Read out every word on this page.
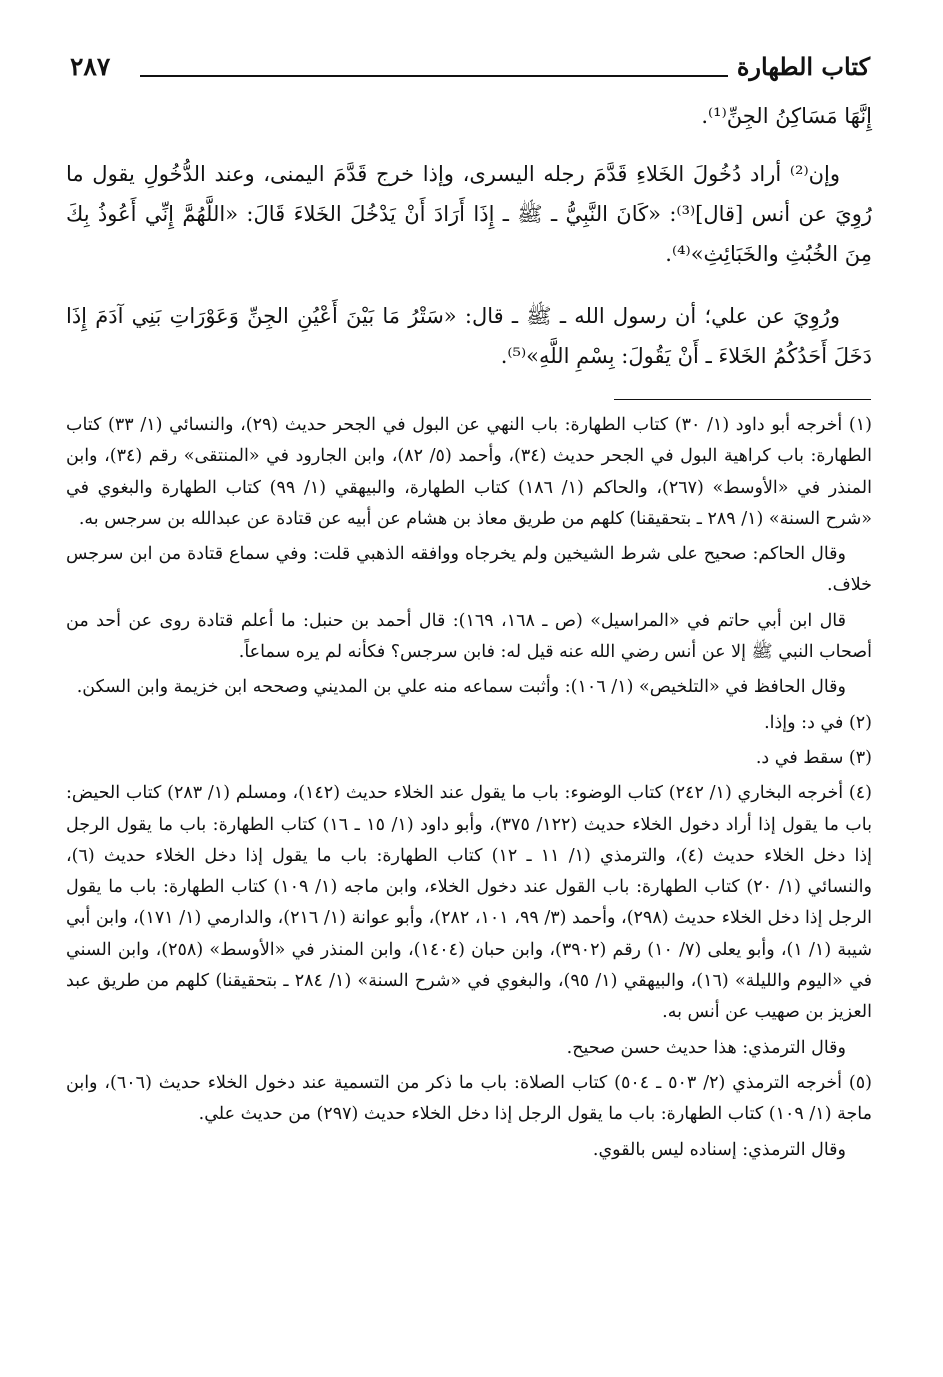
كتاب الطهارة
٢٨٧

إِنَّهَا مَسَاكِنُ الجِنِّ⁽¹⁾.

وإن⁽²⁾ أراد دُخُولَ الخَلاءِ قَدَّمَ رجله اليسرى، وإذا خرج قَدَّمَ اليمنى، وعند الدُّخُولِ يقول ما رُوِيَ عن أنس [قال]⁽³⁾: «كَانَ النَّبِيُّ ـ ﷺ ـ إِذَا أَرَادَ أَنْ يَدْخُلَ الخَلاءَ قَالَ: «اللَّهُمَّ إِنِّي أَعُوذُ بِكَ مِنَ الخُبُثِ والخَبَائِثِ»⁽⁴⁾.

ورُوِيَ عن علي؛ أن رسول الله ـ ﷺ ـ قال: «سَتْرُ مَا بَيْنَ أَعْيُنِ الجِنِّ وَعَوْرَاتِ بَنِي آدَمَ إِذَا دَخَلَ أَحَدُكُمُ الخَلاءَ ـ أَنْ يَقُولَ: بِسْمِ اللَّهِ»⁽⁵⁾.

(١) أخرجه أبو داود (١/ ٣٠) كتاب الطهارة: باب النهي عن البول في الجحر حديث (٢٩)، والنسائي (١/ ٣٣) كتاب الطهارة: باب كراهية البول في الجحر حديث (٣٤)، وأحمد (٥/ ٨٢)، وابن الجارود في «المنتقى» رقم (٣٤)، وابن المنذر في «الأوسط» (٢٦٧)، والحاكم (١/ ١٨٦) كتاب الطهارة، والبيهقي (١/ ٩٩) كتاب الطهارة والبغوي في «شرح السنة» (١/ ٢٨٩ ـ بتحقيقنا) كلهم من طريق معاذ بن هشام عن أبيه عن قتادة عن عبدالله بن سرجس به.

وقال الحاكم: صحيح على شرط الشيخين ولم يخرجاه ووافقه الذهبي قلت: وفي سماع قتادة من ابن سرجس خلاف.

قال ابن أبي حاتم في «المراسيل» (ص ـ ١٦٨، ١٦٩): قال أحمد بن حنبل: ما أعلم قتادة روى عن أحد من أصحاب النبي ﷺ إلا عن أنس رضي الله عنه قيل له: فابن سرجس؟ فكأنه لم يره سماعاً.

وقال الحافظ في «التلخيص» (١/ ١٠٦): وأثبت سماعه منه علي بن المديني وصححه ابن خزيمة وابن السكن.

(٢) في د: وإذا.

(٣) سقط في د.

(٤) أخرجه البخاري (١/ ٢٤٢) كتاب الوضوء: باب ما يقول عند الخلاء حديث (١٤٢)، ومسلم (١/ ٢٨٣) كتاب الحيض: باب ما يقول إذا أراد دخول الخلاء حديث (١٢٢/ ٣٧٥)، وأبو داود (١/ ١٥ ـ ١٦) كتاب الطهارة: باب ما يقول الرجل إذا دخل الخلاء حديث (٤)، والترمذي (١/ ١١ ـ ١٢) كتاب الطهارة: باب ما يقول إذا دخل الخلاء حديث (٦)، والنسائي (١/ ٢٠) كتاب الطهارة: باب القول عند دخول الخلاء، وابن ماجه (١/ ١٠٩) كتاب الطهارة: باب ما يقول الرجل إذا دخل الخلاء حديث (٢٩٨)، وأحمد (٣/ ٩٩، ١٠١، ٢٨٢)، وأبو عوانة (١/ ٢١٦)، والدارمي (١/ ١٧١)، وابن أبي شيبة (١/ ١)، وأبو يعلى (٧/ ١٠) رقم (٣٩٠٢)، وابن حبان (١٤٠٤)، وابن المنذر في «الأوسط» (٢٥٨)، وابن السني في «اليوم والليلة» (١٦)، والبيهقي (١/ ٩٥)، والبغوي في «شرح السنة» (١/ ٢٨٤ ـ بتحقيقنا) كلهم من طريق عبد العزيز بن صهيب عن أنس به.

وقال الترمذي: هذا حديث حسن صحيح.

(٥) أخرجه الترمذي (٢/ ٥٠٣ ـ ٥٠٤) كتاب الصلاة: باب ما ذكر من التسمية عند دخول الخلاء حديث (٦٠٦)، وابن ماجة (١/ ١٠٩) كتاب الطهارة: باب ما يقول الرجل إذا دخل الخلاء حديث (٢٩٧) من حديث علي.

وقال الترمذي: إسناده ليس بالقوي.
